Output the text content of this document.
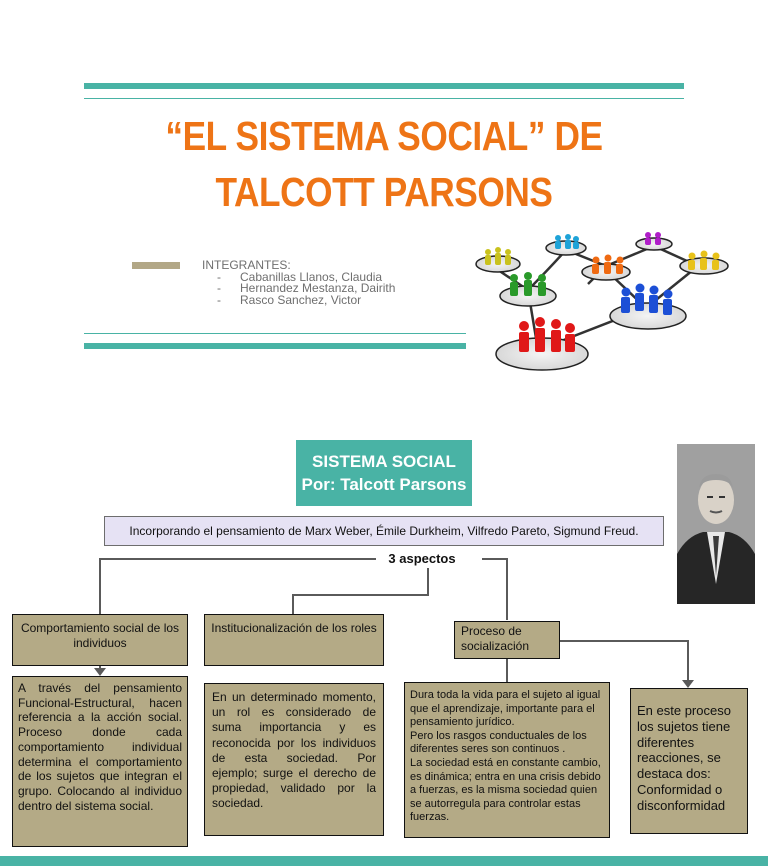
“EL SISTEMA SOCIAL” DE
TALCOTT PARSONS
INTEGRANTES:
-	Cabanillas Llanos, Claudia
-	Hernandez Mestanza, Dairith
-	Rasco Sanchez, Victor
SISTEMA SOCIAL
Por: Talcott Parsons
Incorporando el pensamiento de Marx Weber, Émile Durkheim, Vilfredo Pareto, Sigmund Freud.
3 aspectos
Comportamiento social de los individuos
Institucionalización de los roles	Proceso de socialización
A través del pensamiento Funcional-Estructural, hacen referencia a la acción social. Proceso donde cada comportamiento individual determina el comportamiento de los sujetos que integran el grupo. Colocando al individuo dentro del sistema social.
En un determinado momento, un rol es considerado de suma importancia y es reconocida por los individuos de esta sociedad. Por ejemplo; surge el derecho de propiedad, validado por la sociedad.
Dura toda la vida para el sujeto al igual que el aprendizaje, importante para el pensamiento jurídico.
Pero los rasgos conductuales de los diferentes seres son continuos .
La sociedad está en constante cambio, es dinámica; entra en una crisis debido a fuerzas, es la misma sociedad quien se autorregula para controlar estas fuerzas.
En este proceso los sujetos tiene diferentes reacciones, se destaca dos: Conformidad o disconformidad
